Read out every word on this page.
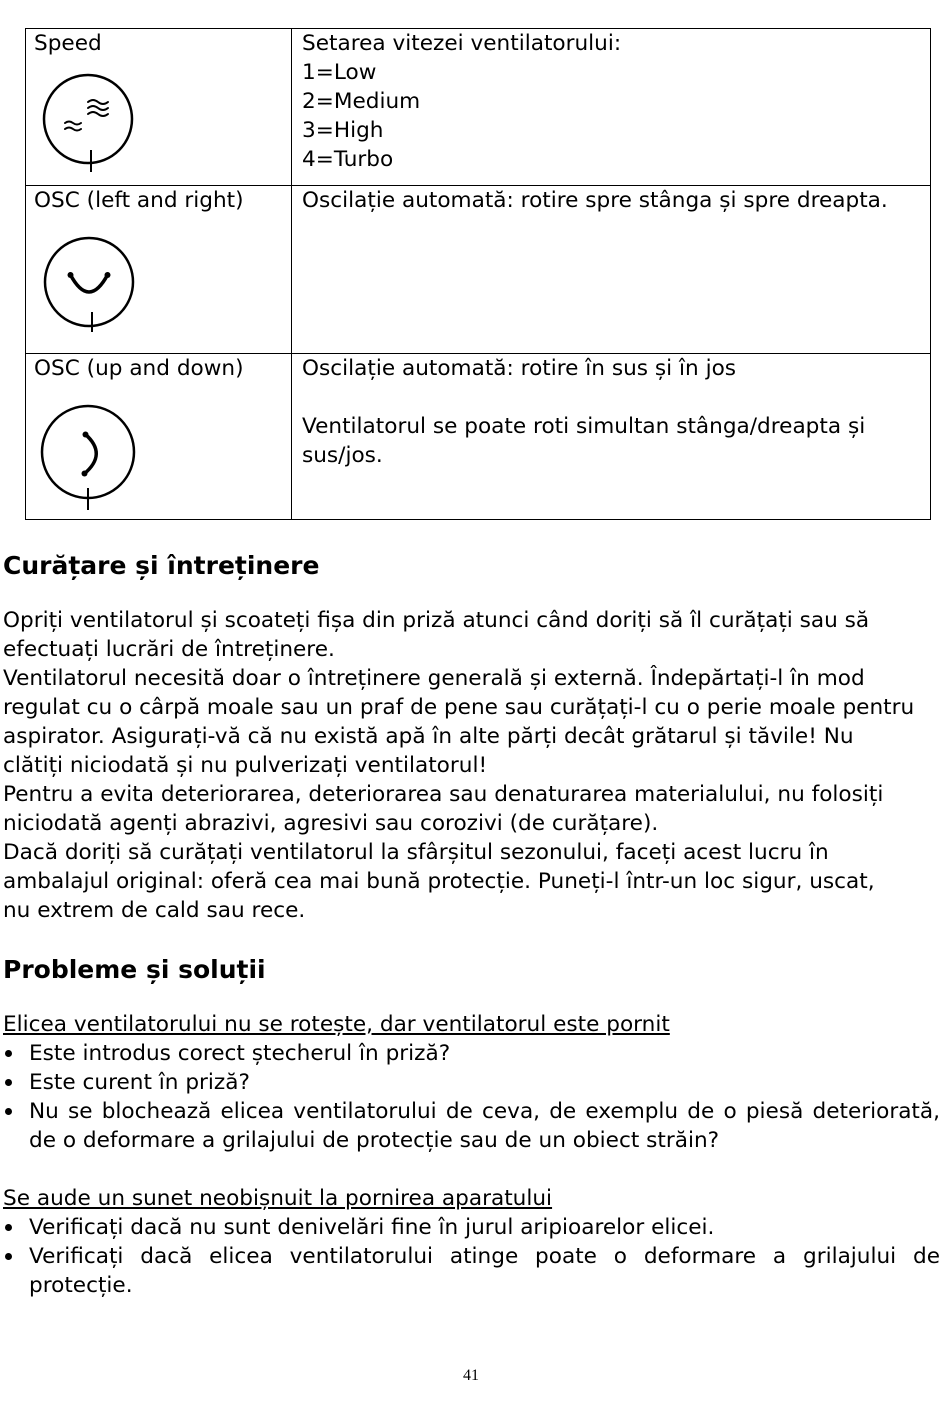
Speed	Setarea vitezei ventilatorului:
1=Low
2=Medium
3=High
4=Turbo
OSC (left and right)	Oscilație automată: rotire spre stânga și spre dreapta.
OSC (up and down)	Oscilație automată: rotire în sus și în jos
Ventilatorul se poate roti simultan stânga/dreapta și
sus/jos.
Curățare și întreținere
Opriți ventilatorul și scoateți fișa din priză atunci când doriți să îl curățați sau să
efectuați lucrări de întreținere.
Ventilatorul necesită doar o întreținere generală și externă. Îndepărtați-l în mod
regulat cu o cârpă moale sau un praf de pene sau curățați-l cu o perie moale pentru
aspirator. Asigurați-vă că nu există apă în alte părți decât grătarul și tăvile! Nu
clătiți niciodată și nu pulverizați ventilatorul!
Pentru a evita deteriorarea, deteriorarea sau denaturarea materialului, nu folosiți
niciodată agenți abrazivi, agresivi sau corozivi (de curățare).
Dacă doriți să curățați ventilatorul la sfârșitul sezonului, faceți acest lucru în
ambalajul original: oferă cea mai bună protecție. Puneți-l într-un loc sigur, uscat,
nu extrem de cald sau rece.
Probleme și soluții
Elicea ventilatorului nu se rotește, dar ventilatorul este pornit
Este introdus corect ștecherul în priză?
Este curent în priză?
Nu se blochează elicea ventilatorului de ceva, de exemplu de o piesă deteriorată,
de o deformare a grilajului de protecție sau de un obiect străin?
Se aude un sunet neobișnuit la pornirea aparatului
Verificați dacă nu sunt denivelări fine în jurul aripioarelor elicei.
Verificați dacă elicea ventilatorului atinge poate o deformare a grilajului de
protecție.
41
